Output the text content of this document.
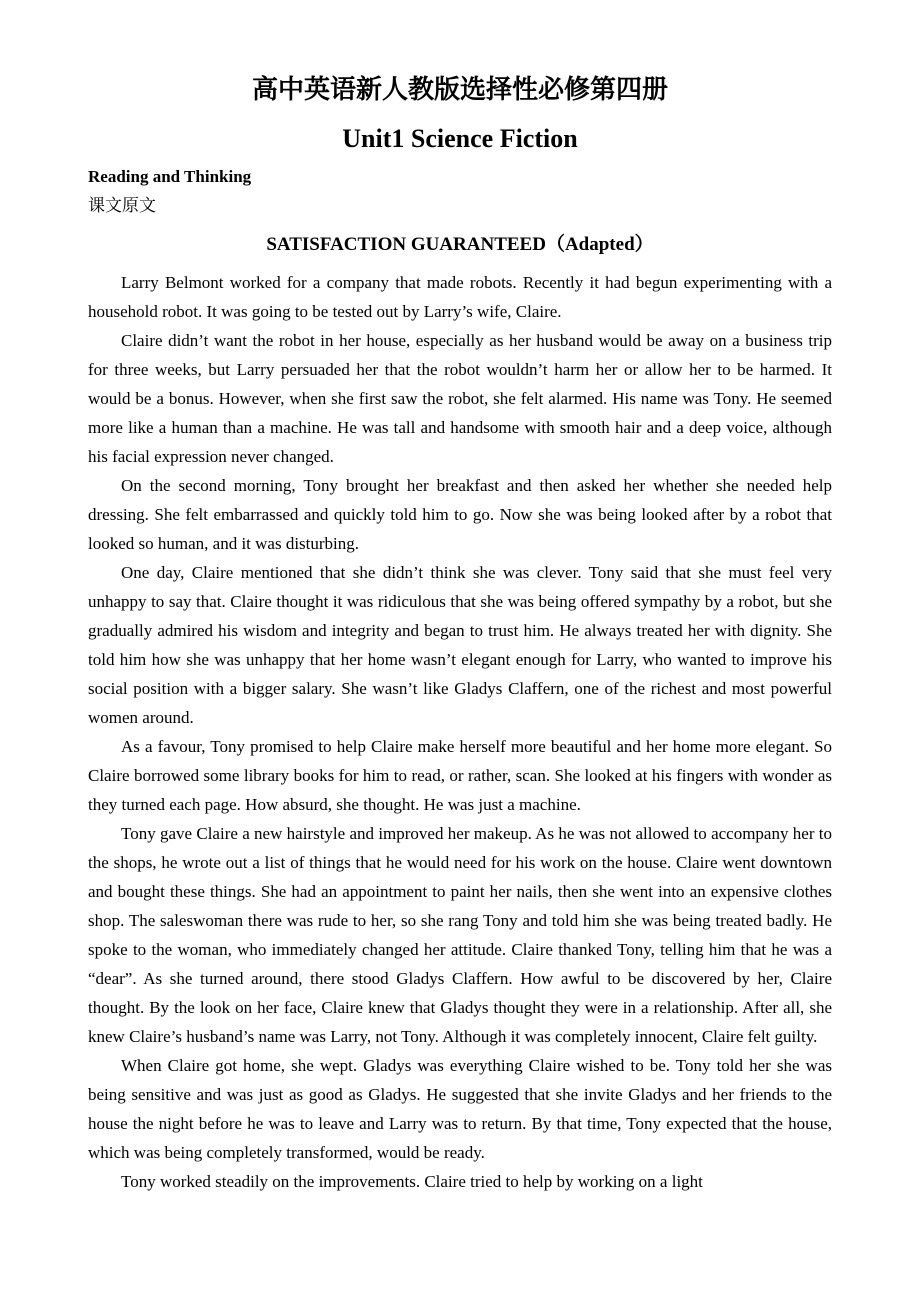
高中英语新人教版选择性必修第四册
Unit1 Science Fiction
Reading and Thinking
课文原文
SATISFACTION GUARANTEED（Adapted）

Larry Belmont worked for a company that made robots. Recently it had begun experimenting with a household robot. It was going to be tested out by Larry’s wife, Claire.

Claire didn’t want the robot in her house, especially as her husband would be away on a business trip for three weeks, but Larry persuaded her that the robot wouldn’t harm her or allow her to be harmed. It would be a bonus. However, when she first saw the robot, she felt alarmed. His name was Tony. He seemed more like a human than a machine. He was tall and handsome with smooth hair and a deep voice, although his facial expression never changed.

On the second morning, Tony brought her breakfast and then asked her whether she needed help dressing. She felt embarrassed and quickly told him to go. Now she was being looked after by a robot that looked so human, and it was disturbing.

One day, Claire mentioned that she didn’t think she was clever. Tony said that she must feel very unhappy to say that. Claire thought it was ridiculous that she was being offered sympathy by a robot, but she gradually admired his wisdom and integrity and began to trust him. He always treated her with dignity. She told him how she was unhappy that her home wasn’t elegant enough for Larry, who wanted to improve his social position with a bigger salary. She wasn’t like Gladys Claffern, one of the richest and most powerful women around.

As a favour, Tony promised to help Claire make herself more beautiful and her home more elegant. So Claire borrowed some library books for him to read, or rather, scan. She looked at his fingers with wonder as they turned each page. How absurd, she thought. He was just a machine.

Tony gave Claire a new hairstyle and improved her makeup. As he was not allowed to accompany her to the shops, he wrote out a list of things that he would need for his work on the house. Claire went downtown and bought these things. She had an appointment to paint her nails, then she went into an expensive clothes shop. The saleswoman there was rude to her, so she rang Tony and told him she was being treated badly. He spoke to the woman, who immediately changed her attitude. Claire thanked Tony, telling him that he was a “dear”. As she turned around, there stood Gladys Claffern. How awful to be discovered by her, Claire thought. By the look on her face, Claire knew that Gladys thought they were in a relationship. After all, she knew Claire’s husband’s name was Larry, not Tony. Although it was completely innocent, Claire felt guilty.

When Claire got home, she wept. Gladys was everything Claire wished to be. Tony told her she was being sensitive and was just as good as Gladys. He suggested that she invite Gladys and her friends to the house the night before he was to leave and Larry was to return. By that time, Tony expected that the house, which was being completely transformed, would be ready.

Tony worked steadily on the improvements. Claire tried to help by working on a light
